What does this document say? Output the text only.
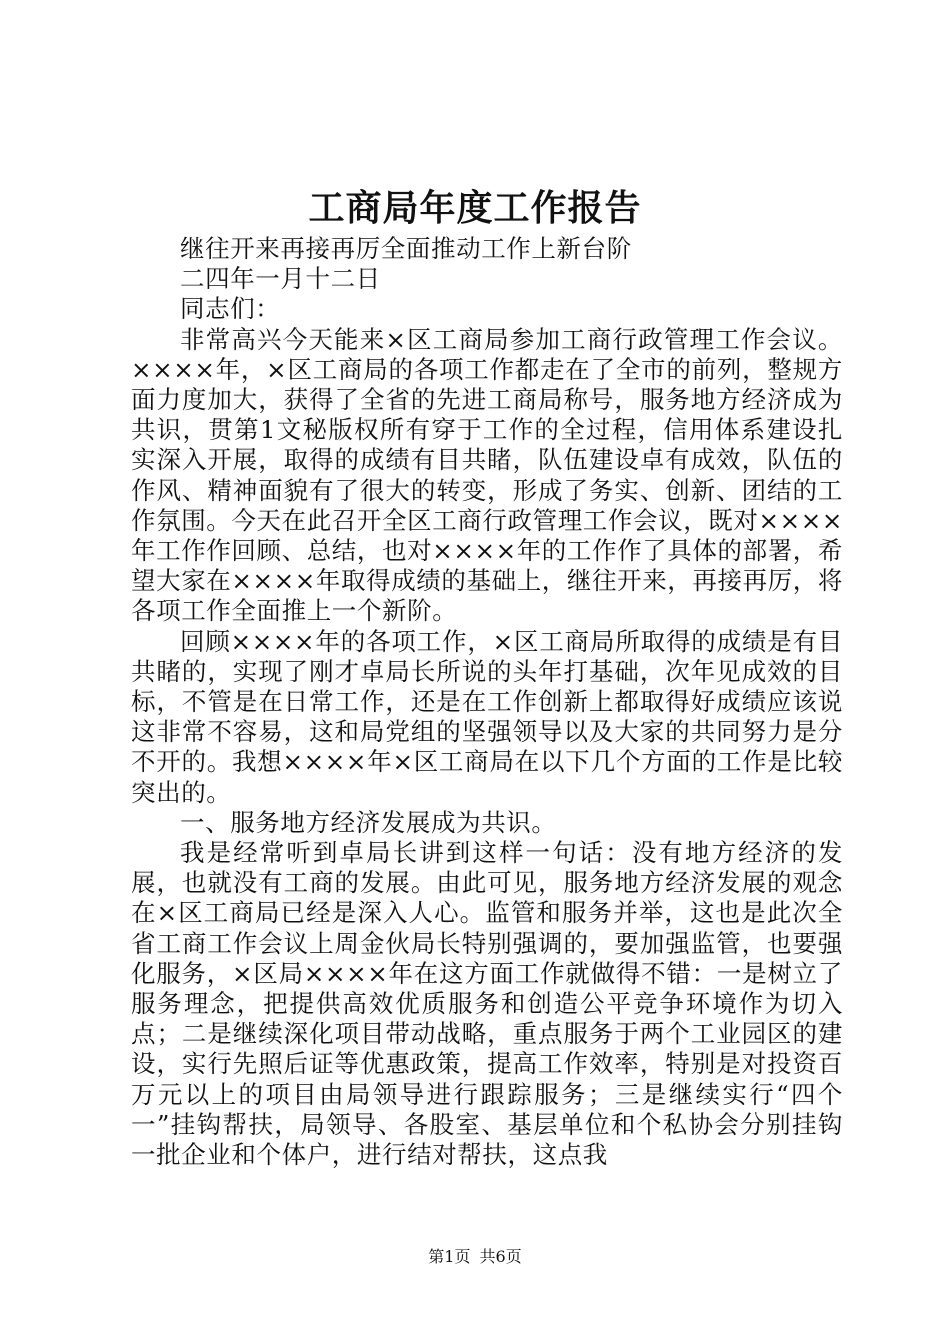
工商局年度工作报告

继往开来再接再厉全面推动工作上新台阶

二四年一月十二日

同志们：

非常高兴今天能来×区工商局参加工商行政管理工作会议。××××年，×区工商局的各项工作都走在了全市的前列，整规方面力度加大，获得了全省的先进工商局称号，服务地方经济成为共识，贯第1文秘版权所有穿于工作的全过程，信用体系建设扎实深入开展，取得的成绩有目共睹，队伍建设卓有成效，队伍的作风、精神面貌有了很大的转变，形成了务实、创新、团结的工作氛围。今天在此召开全区工商行政管理工作会议，既对××××年工作作回顾、总结，也对××××年的工作作了具体的部署，希望大家在××××年取得成绩的基础上，继往开来，再接再厉，将各项工作全面推上一个新阶。

回顾××××年的各项工作，×区工商局所取得的成绩是有目共睹的，实现了刚才卓局长所说的头年打基础，次年见成效的目标，不管是在日常工作，还是在工作创新上都取得好成绩应该说这非常不容易，这和局党组的坚强领导以及大家的共同努力是分不开的。我想××××年×区工商局在以下几个方面的工作是比较突出的。

一、服务地方经济发展成为共识。

我是经常听到卓局长讲到这样一句话：没有地方经济的发展，也就没有工商的发展。由此可见，服务地方经济发展的观念在×区工商局已经是深入人心。监管和服务并举，这也是此次全省工商工作会议上周金伙局长特别强调的，要加强监管，也要强化服务，×区局××××年在这方面工作就做得不错：一是树立了服务理念，把提供高效优质服务和创造公平竞争环境作为切入点；二是继续深化项目带动战略，重点服务于两个工业园区的建设，实行先照后证等优惠政策，提高工作效率，特别是对投资百万元以上的项目由局领导进行跟踪服务；三是继续实行“四个一”挂钩帮扶，局领导、各股室、基层单位和个私协会分别挂钩一批企业和个体户，进行结对帮扶，这点我

第1页 共6页
